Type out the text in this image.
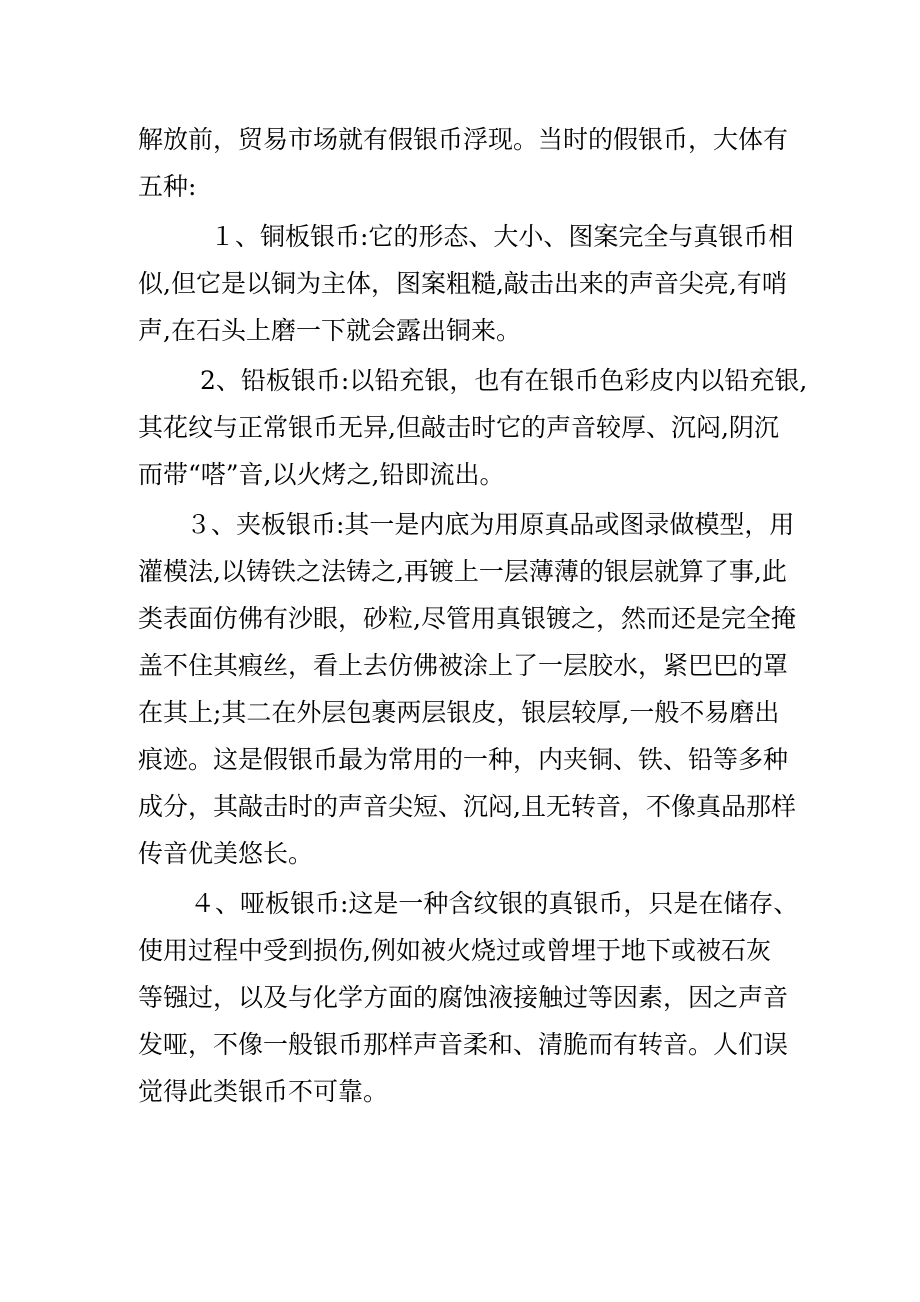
解放前，贸易市场就有假银币浮现。当时的假银币，大体有
五种:

１、铜板银币:它的形态、大小、图案完全与真银币相
似,但它是以铜为主体，图案粗糙,敲击出来的声音尖亮,有哨
声,在石头上磨一下就会露出铜来。

2、铅板银币:以铅充银，也有在银币色彩皮内以铅充银,
其花纹与正常银币无异,但敲击时它的声音较厚、沉闷,阴沉
而带“嗒”音,以火烤之,铅即流出。

３、夹板银币:其一是内底为用原真品或图录做模型，用
灌模法,以铸铁之法铸之,再镀上一层薄薄的银层就算了事,此
类表面仿佛有沙眼，砂粒,尽管用真银镀之，然而还是完全掩
盖不住其瘕丝，看上去仿佛被涂上了一层胶水，紧巴巴的罩
在其上;其二在外层包裹两层银皮，银层较厚,一般不易磨出
痕迹。这是假银币最为常用的一种，内夹铜、铁、铅等多种
成分，其敲击时的声音尖短、沉闷,且无转音，不像真品那样
传音优美悠长。

４、哑板银币:这是一种含纹银的真银币，只是在储存、
使用过程中受到损伤,例如被火烧过或曾埋于地下或被石灰
等镪过，以及与化学方面的腐蚀液接触过等因素，因之声音
发哑，不像一般银币那样声音柔和、清脆而有转音。人们误
觉得此类银币不可靠。
